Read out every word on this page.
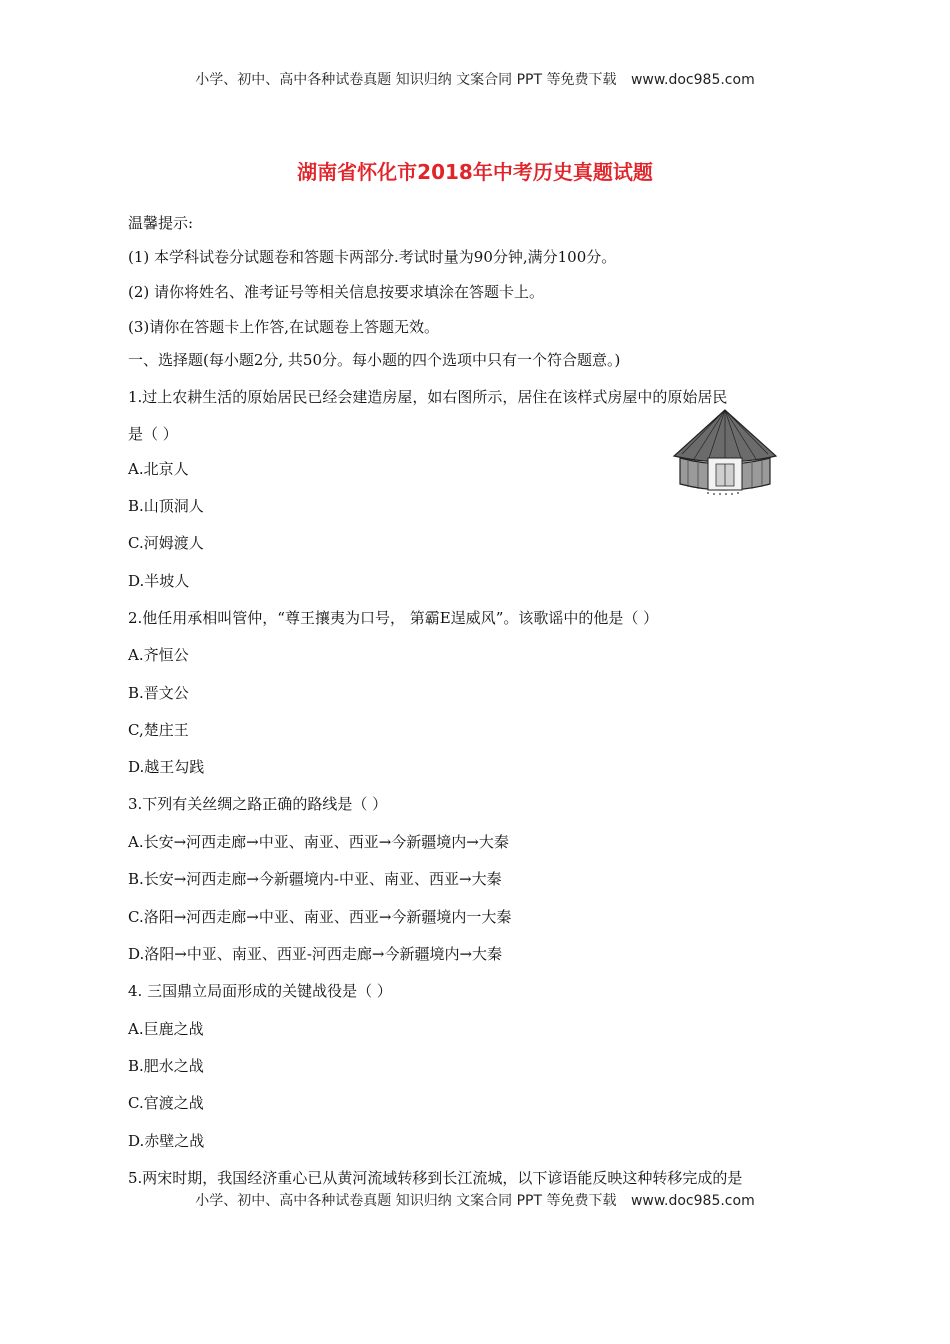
小学、初中、高中各种试卷真题 知识归纳 文案合同 PPT 等免费下载 www.doc985.com
湖南省怀化市2018年中考历史真题试题
温馨提示:
(1) 本学科试卷分试题卷和答题卡两部分.考试时量为90分钟,满分100分。
(2) 请你将姓名、准考证号等相关信息按要求填涂在答题卡上。
(3)请你在答题卡上作答,在试题卷上答题无效。
一、选择题(每小题2分, 共50分。每小题的四个选项中只有一个符合题意。)
1.过上农耕生活的原始居民已经会建造房屋，如右图所示，居住在该样式房屋中的原始居民
是（ ）
A.北京人
B.山顶洞人
C.河姆渡人
D.半坡人
2.他任用承相叫管仲，“尊王攘夷为口号， 第霸E逞威风”。该歌谣中的他是（ ）
A.齐恒公
B.晋文公
C,楚庄王
D.越王勾践
3.下列有关丝绸之路正确的路线是（ ）
A.长安→河西走廊→中亚、南亚、西亚→今新疆境内→大秦
B.长安→河西走廊→今新疆境内-中亚、南亚、西亚→大秦
C.洛阳→河西走廊→中亚、南亚、西亚→今新疆境内一大秦
D.洛阳→中亚、南亚、西亚-河西走廊→今新疆境内→大秦
4. 三国鼎立局面形成的关键战役是（ ）
A.巨鹿之战
B.肥水之战
C.官渡之战
D.赤壁之战
5.两宋时期，我国经济重心已从黄河流域转移到长江流城，以下谚语能反映这种转移完成的是
小学、初中、高中各种试卷真题 知识归纳 文案合同 PPT 等免费下载 www.doc985.com
